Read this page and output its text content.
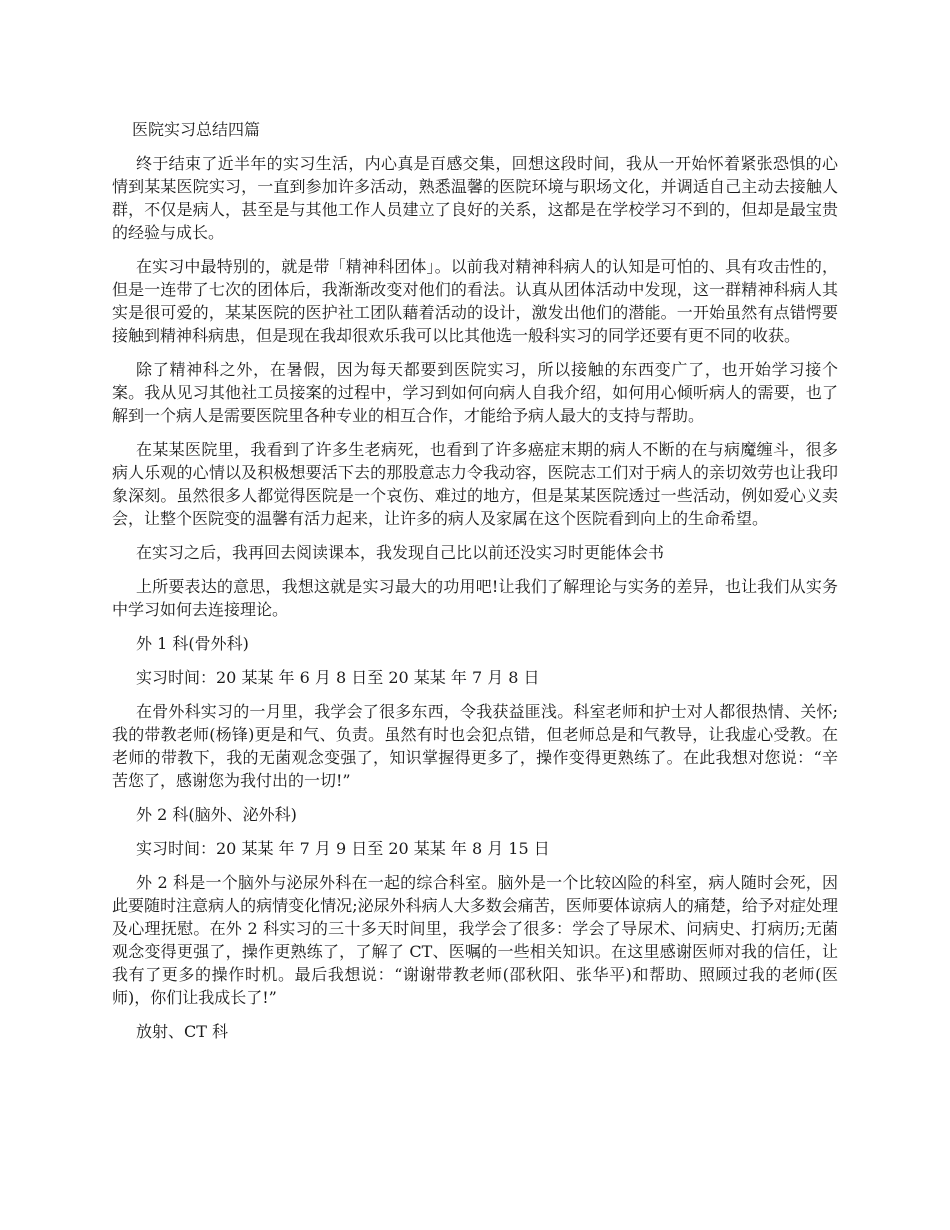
医院实习总结四篇

终于结束了近半年的实习生活，内心真是百感交集，回想这段时间，我从一开始怀着紧张恐惧的心情到某某医院实习，一直到参加许多活动，熟悉温馨的医院环境与职场文化，并调适自己主动去接触人群，不仅是病人，甚至是与其他工作人员建立了良好的关系，这都是在学校学习不到的，但却是最宝贵的经验与成长。

在实习中最特别的，就是带「精神科团体」。以前我对精神科病人的认知是可怕的、具有攻击性的，但是一连带了七次的团体后，我渐渐改变对他们的看法。认真从团体活动中发现，这一群精神科病人其实是很可爱的，某某医院的医护社工团队藉着活动的设计，激发出他们的潜能。一开始虽然有点错愕要接触到精神科病患，但是现在我却很欢乐我可以比其他选一般科实习的同学还要有更不同的收获。

除了精神科之外，在暑假，因为每天都要到医院实习，所以接触的东西变广了，也开始学习接个案。我从见习其他社工员接案的过程中，学习到如何向病人自我介绍，如何用心倾听病人的需要，也了解到一个病人是需要医院里各种专业的相互合作，才能给予病人最大的支持与帮助。

在某某医院里，我看到了许多生老病死，也看到了许多癌症末期的病人不断的在与病魔缠斗，很多病人乐观的心情以及积极想要活下去的那股意志力令我动容，医院志工们对于病人的亲切效劳也让我印象深刻。虽然很多人都觉得医院是一个哀伤、难过的地方，但是某某医院透过一些活动，例如爱心义卖会，让整个医院变的温馨有活力起来，让许多的病人及家属在这个医院看到向上的生命希望。

在实习之后，我再回去阅读课本，我发现自己比以前还没实习时更能体会书

上所要表达的意思，我想这就是实习最大的功用吧!让我们了解理论与实务的差异，也让我们从实务中学习如何去连接理论。

外 1 科(骨外科)

实习时间：20 某某 年 6 月 8 日至 20 某某 年 7 月 8 日

在骨外科实习的一月里，我学会了很多东西，令我获益匪浅。科室老师和护士对人都很热情、关怀;我的带教老师(杨锋)更是和气、负责。虽然有时也会犯点错，但老师总是和气教导，让我虚心受教。在老师的带教下，我的无菌观念变强了，知识掌握得更多了，操作变得更熟练了。在此我想对您说：“辛苦您了，感谢您为我付出的一切!”

外 2 科(脑外、泌外科)

实习时间：20 某某 年 7 月 9 日至 20 某某 年 8 月 15 日

外 2 科是一个脑外与泌尿外科在一起的综合科室。脑外是一个比较凶险的科室，病人随时会死，因此要随时注意病人的病情变化情况;泌尿外科病人大多数会痛苦，医师要体谅病人的痛楚，给予对症处理及心理抚慰。在外 2 科实习的三十多天时间里，我学会了很多：学会了导尿术、问病史、打病历;无菌观念变得更强了，操作更熟练了，了解了 CT、医嘱的一些相关知识。在这里感谢医师对我的信任，让我有了更多的操作时机。最后我想说：“谢谢带教老师(邵秋阳、张华平)和帮助、照顾过我的老师(医师)，你们让我成长了!”

放射、CT 科
